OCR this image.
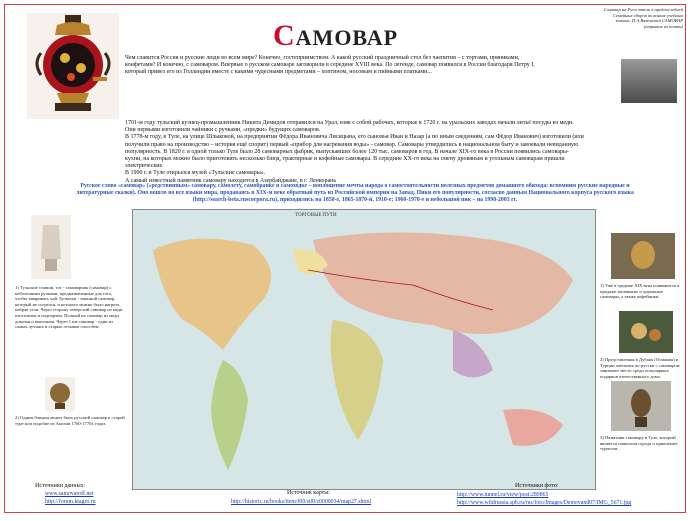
САМОВАР
Самовар на Руси завели в предпоследней Семейных сборов во всякие учебных земных. П.А.Вяземский САМОВАР (отрывок из поэмы)
Чем славится Россия и русские люди во всем мире? Конечно, гостеприимством. А какой русский праздничный стол без чаепития – с тортами, пряниками, конфетами? И конечно, с самоваром. Впервые о русском самоваре заговорили в середине XVIII века. По легенде, самовар появился в России благодаря Петру I, который привез его из Голландии вместе с какими чудесными предметами – хоптином, носовым и пийными платками...
1701-м году тульский кузнец-промышленник Никита Демидов отправился на Урал, взяв с собой рабочих, которые к 1720 г. на уральских заводах начали литьё посуды из меди. Они первыми изготовили чайники с ручками, «предки» будущих самоваров.
В 1778-м году, в Туле, на улице Шлыковой, на предприятии Фёдора Ивановича Лисицына, его сыновья Иван и Назар (а по иным сведениям, сам Фёдор Иванович) изготовили (или получили право на производство – история ещё спорит) первый «прибор для нагревания воды» - самовар. Самовары утвердились в национальном быту и завоевали невиданную популярность. В 1820 г. в одной только Туле было 28 самоварных фабрик, выпускавших более 120 тыс. самоваров в год. В начале XIX-го века в России появились самовары-кухни, на которых можно было приготовить несколько блюд, трактирные и кофейные самовары. В середине XX-го века на смену дровяным и угольным самоварам пришли электрические.
В 1990 г. в Туле открылся музей «Тульские самовары».
А самый известный памятник самовару находится в Азербайджане, в г. Ленкорань
Русское слово «самовар» («редствинным» самовару, самолету, самобранке и самоходке – воплощение мечты народа о самостоятельности полезных предметов домашнего обихода: вспомним русские народные и литературные сказки). Оно вошло во все языки мира, продаваясь в XIX-м веке обратный путь из Российской империи на Запад. Пики его популярности, согласно данным Национального корпуса русского языка (http://search-beta.ruscorpora.ru), приходились на 1850-е, 1865-1870-й, 1910-е; 1960-1970-е и небольшой пик – на 1998-2003 гг.
ТОРГОВЫЕ ПУТИ
1) Тульские ставши, тот - самоварчик (самовар) с небольшими ручками, предназначенные для того, чтобы заваривать чай. Бутылки - заказной самовар, который не согрелся, и которого можно было нагреть, набрав угли. Через сторону отверстий самовар из меди изготовлен и подпорчен. Полный на самовар из меди доказан и выполнен. Через 1 км самовар - один из самых лучших и старых отзывов способен.
2) Одним блином может быть русский самовар в старой туре или подобие из Англии 1760-1770х годах.
1) Уже в средине XIX века появляются в продаже маленькие и дорожные самовары, а также кофейники.
2) Представления в Дубаях (Османия) и Турции чаепития по-русски с самоваром занимают место среди популярных подарков отечественного дома.
3) Памятник самовару в Туле, который является символом города и привлекает туристов.
Источники данных:
www.samovaroff.net
http://forum.ktagro.ru
Источник карты:
http://historic.ru/books/item/f00/s00/z0000034/map27.shtml
Источники фото:
http://www.tunnel.ru/view/post:289865
http://www.wildrussia.spb.ru/rus/foto/Images/Demovand07/IMG_5671.jpg
